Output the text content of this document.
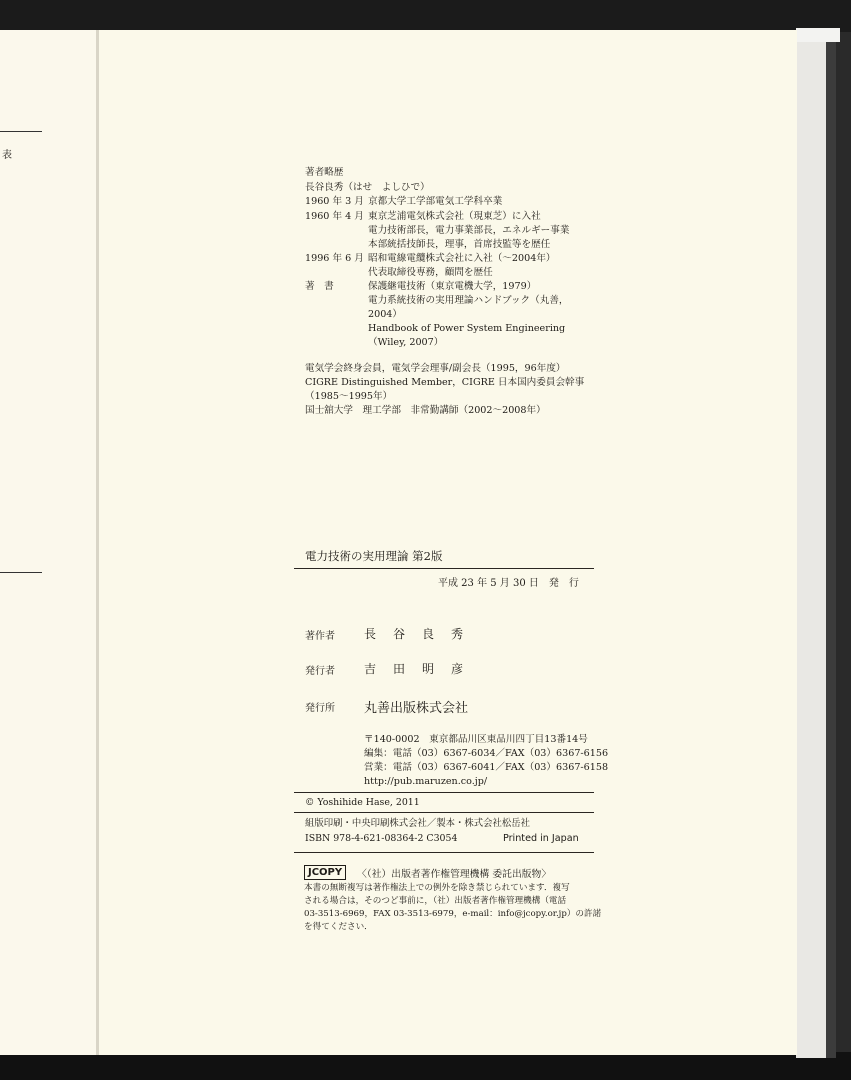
表
著者略歴
長谷良秀（はせ　よしひで）
1960 年 3 月 京都大学工学部電気工学科卒業
1960 年 4 月 東京芝浦電気株式会社（現東芝）に入社
電力技術部長，電力事業部長，エネルギー事業
本部統括技師長，理事，首席技監等を歴任
1996 年 6 月 昭和電線電纜株式会社に入社（～2004年）
代表取締役専務，顧問を歴任
著　書	保護継電技術（東京電機大学，1979）
電力系統技術の実用理論ハンドブック（丸善，
2004）
Handbook of Power System Engineering
（Wiley, 2007）
電気学会終身会員，電気学会理事/副会長（1995，96年度）
CIGRE Distinguished Member，CIGRE 日本国内委員会幹事
（1985～1995年）
国士舘大学　理工学部　非常勤講師（2002～2008年）
電力技術の実用理論 第2版
平成 23 年 5 月 30 日　発　行
著作者 長谷良秀
発行者 吉田明彦
発行所 丸善出版株式会社
〒140-0002　東京都品川区東品川四丁目13番14号
編集：電話（03）6367-6034／FAX（03）6367-6156
営業：電話（03）6367-6041／FAX（03）6367-6158
http://pub.maruzen.co.jp/
© Yoshihide Hase, 2011
組版印刷・中央印刷株式会社／製本・株式会社松岳社
ISBN 978-4-621-08364-2 C3054	Printed in Japan
JCOPY	〈（社）出版者著作権管理機構 委託出版物〉
本書の無断複写は著作権法上での例外を除き禁じられています．複写
される場合は，そのつど事前に，（社）出版者著作権管理機構（電話
03-3513-6969，FAX 03-3513-6979，e-mail：info@jcopy.or.jp）の許諾
を得てください．
